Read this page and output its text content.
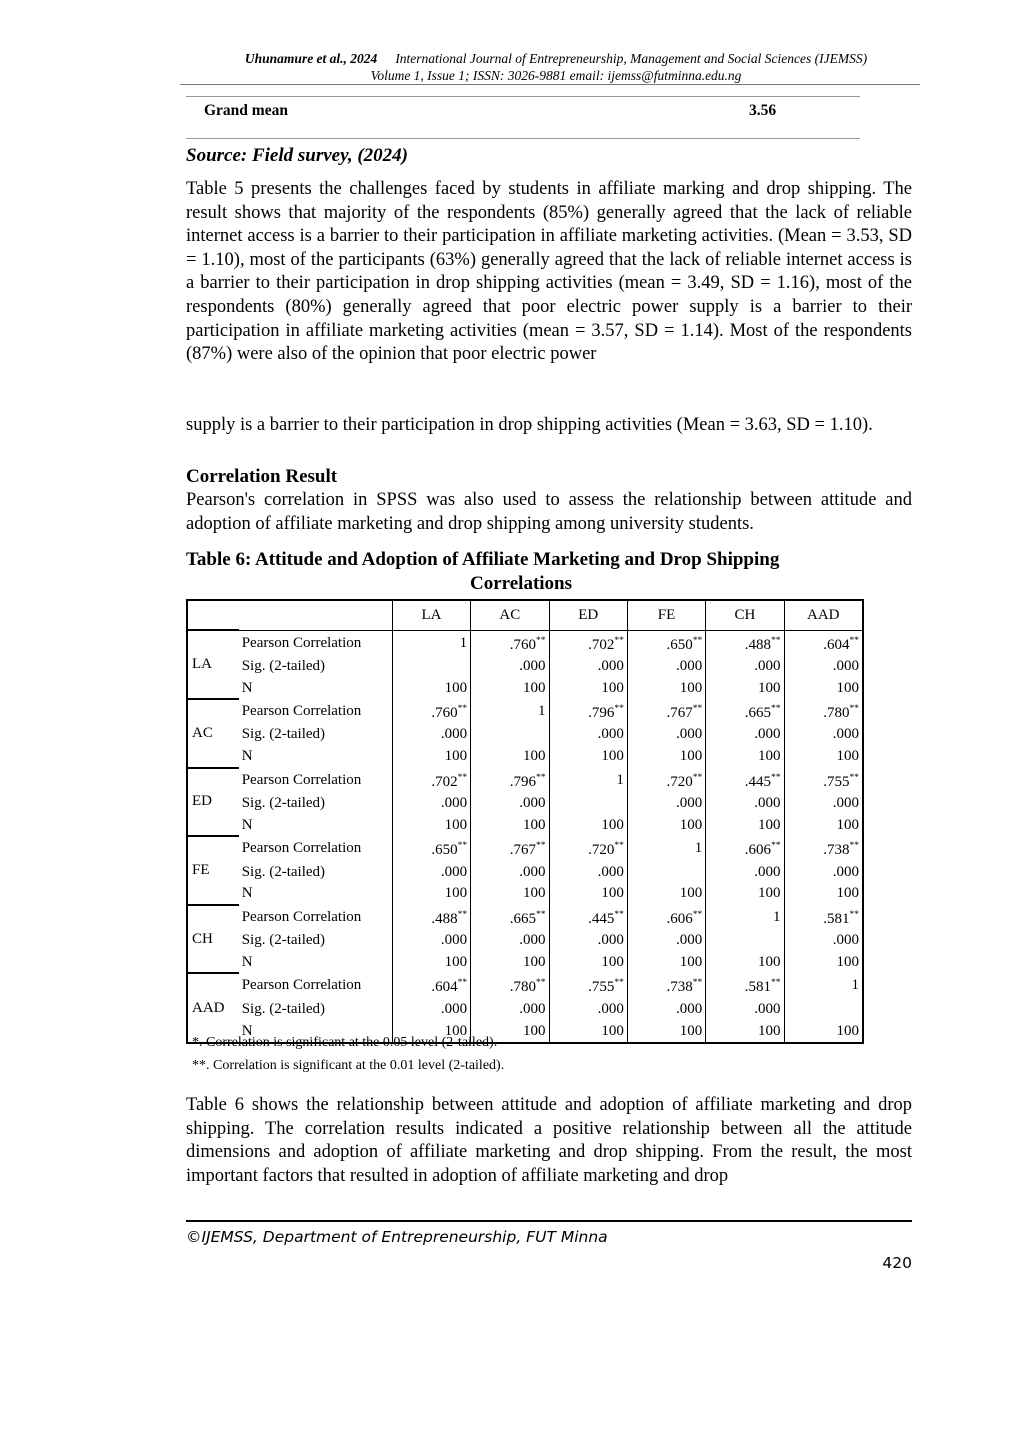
Uhunamure et al., 2024 International Journal of Entrepreneurship, Management and Social Sciences (IJEMSS)
Volume 1, Issue 1; ISSN: 3026-9881 email: ijemss@futminna.edu.ng
Grand mean	3.56
Source: Field survey, (2024)
Table 5 presents the challenges faced by students in affiliate marking and drop shipping. The result shows that majority of the respondents (85%) generally agreed that the lack of reliable internet access is a barrier to their participation in affiliate marketing activities. (Mean = 3.53, SD = 1.10), most of the participants (63%) generally agreed that the lack of reliable internet access is a barrier to their participation in drop shipping activities (mean = 3.49, SD = 1.16), most of the respondents (80%) generally agreed that poor electric power supply is a barrier to their participation in affiliate marketing activities (mean = 3.57, SD = 1.14). Most of the respondents (87%) were also of the opinion that poor electric power
supply is a barrier to their participation in drop shipping activities (Mean = 3.63, SD = 1.10).
Correlation Result
Pearson's correlation in SPSS was also used to assess the relationship between attitude and adoption of affiliate marketing and drop shipping among university students.
Table 6: Attitude and Adoption of Affiliate Marketing and Drop Shipping
Correlations
		LA	AC	ED	FE	CH	AAD
LA	Pearson Correlation	1	.760**	.702**	.650**	.488**	.604**
	Sig. (2-tailed)		.000	.000	.000	.000	.000
	N	100	100	100	100	100	100
AC	Pearson Correlation	.760**	1	.796**	.767**	.665**	.780**
	Sig. (2-tailed)	.000		.000	.000	.000	.000
	N	100	100	100	100	100	100
ED	Pearson Correlation	.702**	.796**	1	.720**	.445**	.755**
	Sig. (2-tailed)	.000	.000		.000	.000	.000
	N	100	100	100	100	100	100
FE	Pearson Correlation	.650**	.767**	.720**	1	.606**	.738**
	Sig. (2-tailed)	.000	.000	.000		.000	.000
	N	100	100	100	100	100	100
CH	Pearson Correlation	.488**	.665**	.445**	.606**	1	.581**
	Sig. (2-tailed)	.000	.000	.000	.000		.000
	N	100	100	100	100	100	100
AAD	Pearson Correlation	.604**	.780**	.755**	.738**	.581**	1
	Sig. (2-tailed)	.000	.000	.000	.000	.000	
	N	100	100	100	100	100	100
*. Correlation is significant at the 0.05 level (2-tailed).
**. Correlation is significant at the 0.01 level (2-tailed).
Table 6 shows the relationship between attitude and adoption of affiliate marketing and drop shipping. The correlation results indicated a positive relationship between all the attitude dimensions and adoption of affiliate marketing and drop shipping. From the result, the most important factors that resulted in adoption of affiliate marketing and drop
©IJEMSS, Department of Entrepreneurship, FUT Minna
420
